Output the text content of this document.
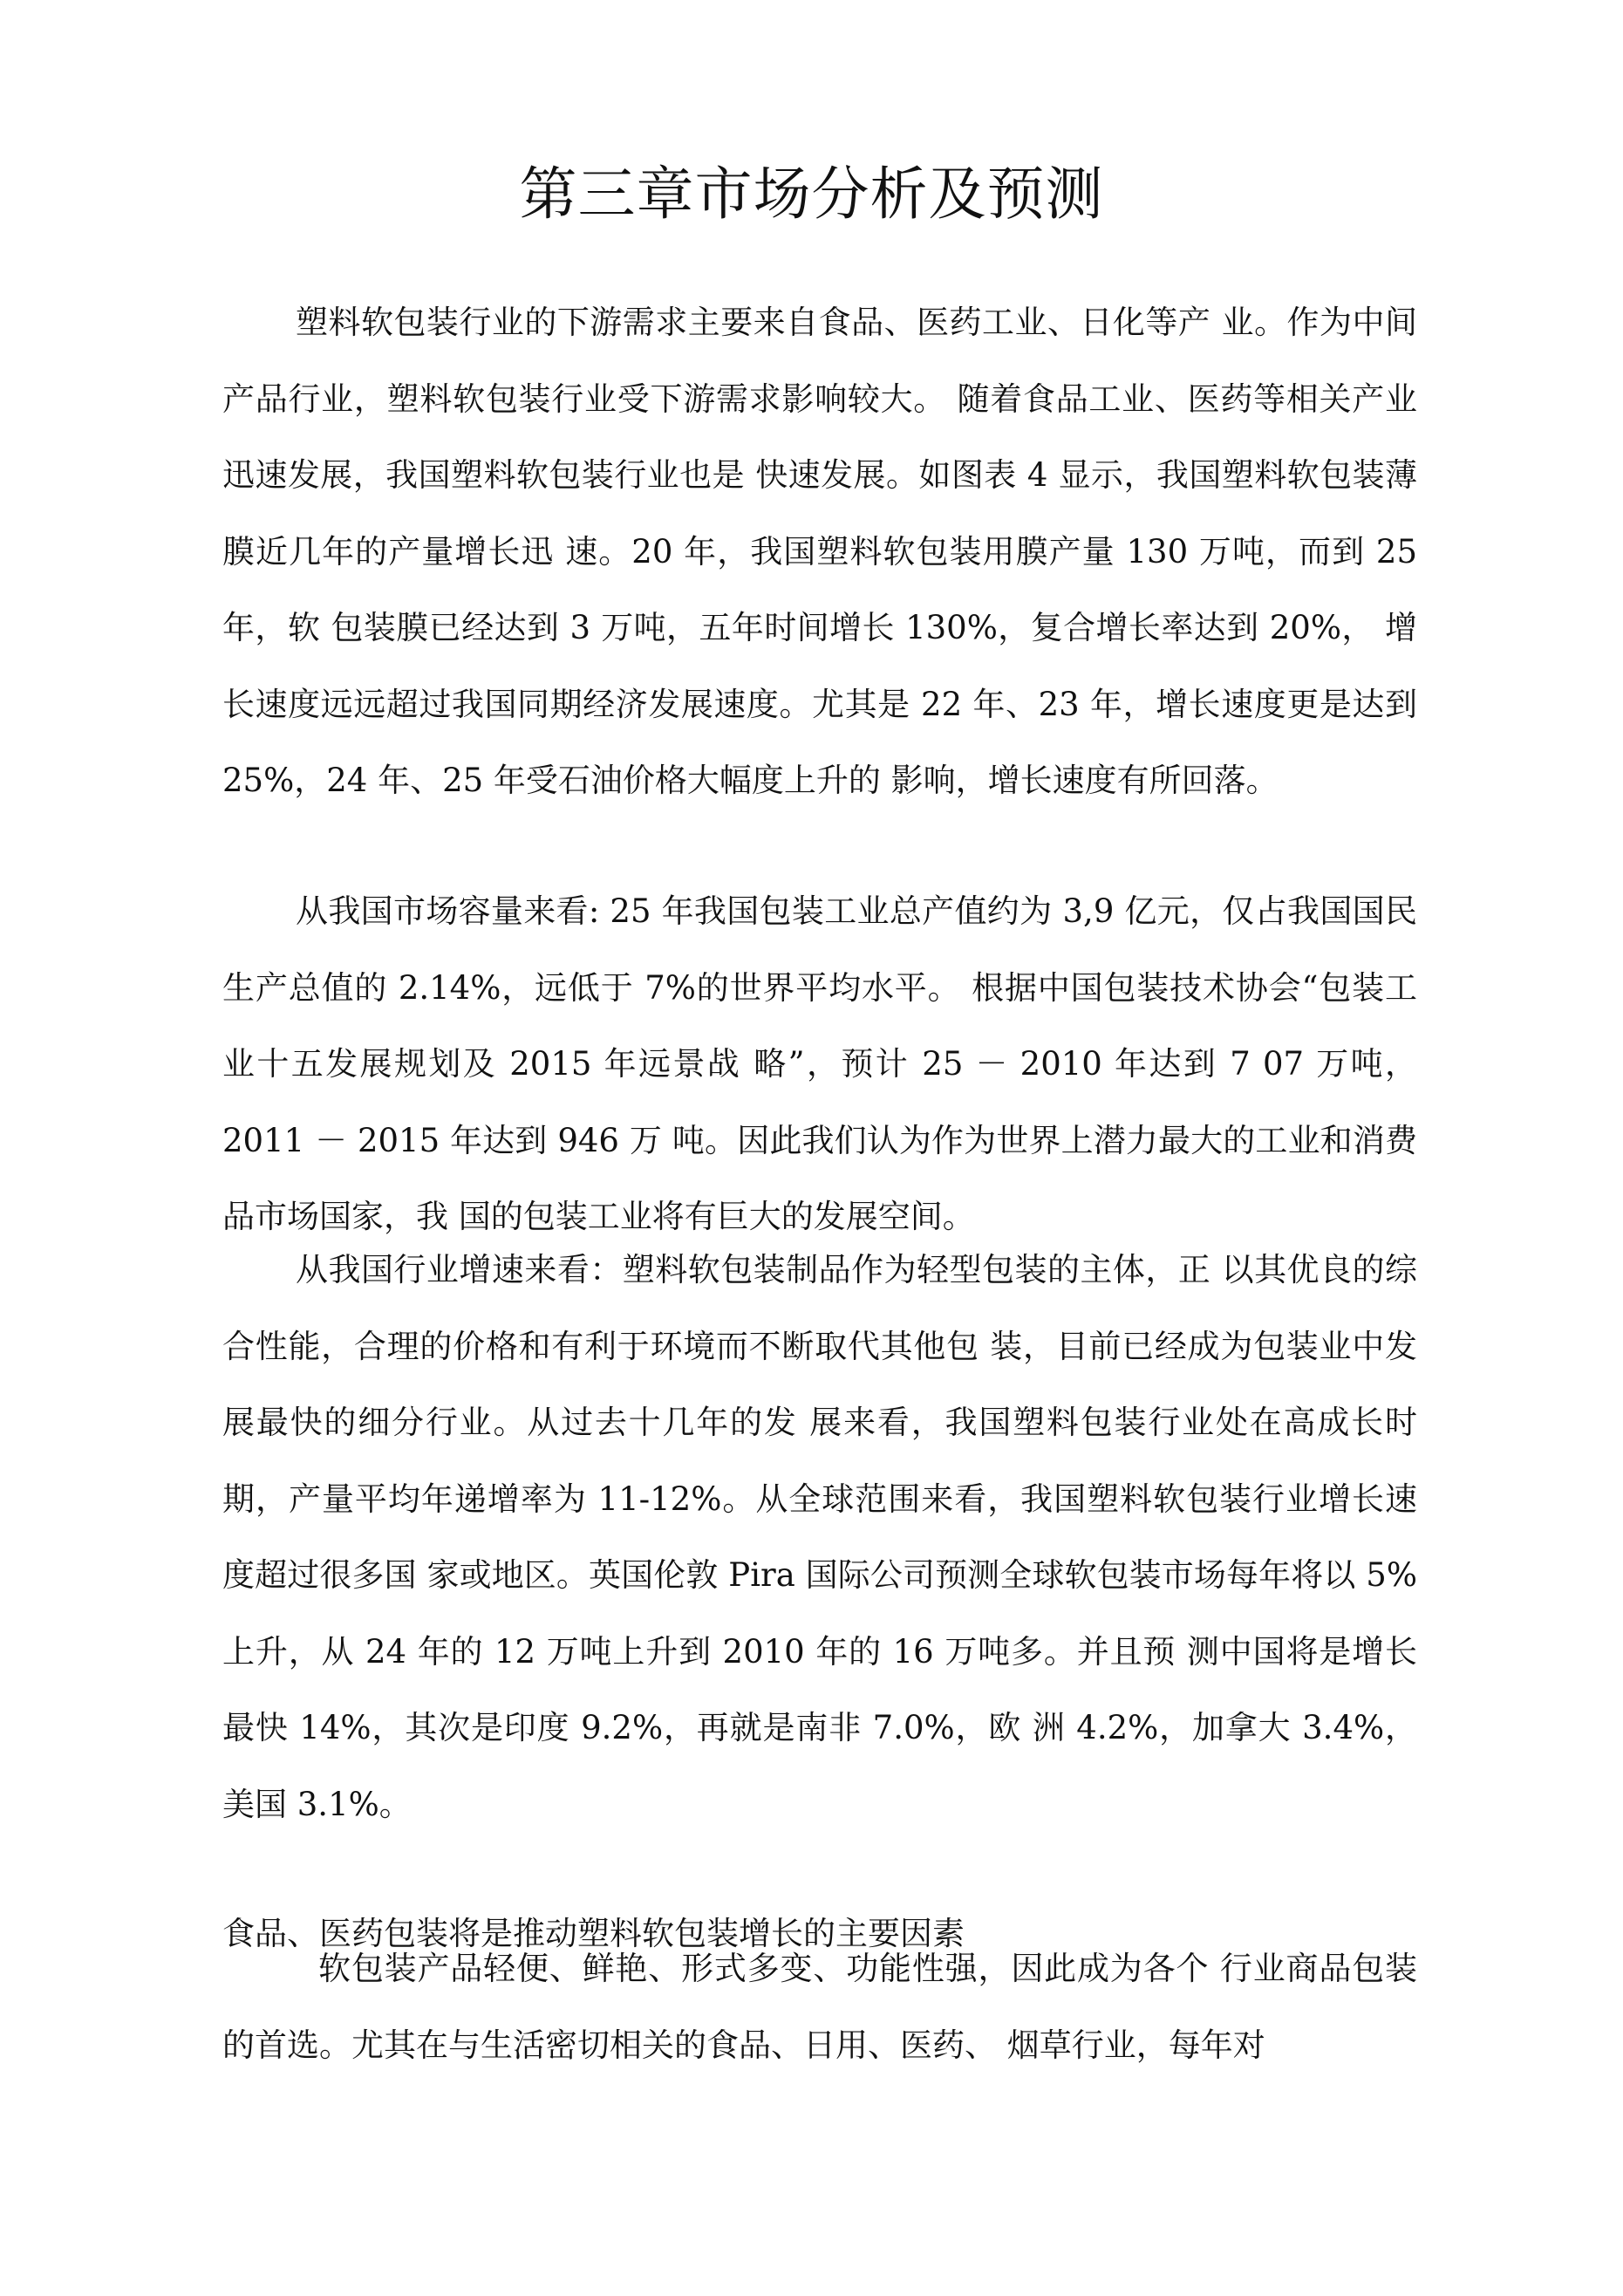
第三章市场分析及预测

塑料软包装行业的下游需求主要来自食品、医药工业、日化等产 业。作为中间产品行业，塑料软包装行业受下游需求影响较大。 随着食品工业、医药等相关产业迅速发展，我国塑料软包装行业也是 快速发展。如图表 4 显示，我国塑料软包装薄膜近几年的产量增长迅 速。20 年，我国塑料软包装用膜产量 130 万吨，而到 25 年，软 包装膜已经达到 3 万吨，五年时间增长 130%，复合增长率达到 20%， 增长速度远远超过我国同期经济发展速度。尤其是 22 年、23 年，增长速度更是达到 25%，24 年、25 年受石油价格大幅度上升的 影响，增长速度有所回落。

从我国市场容量来看: 25 年我国包装工业总产值约为 3,9 亿元，仅占我国国民生产总值的 2.14%，远低于 7%的世界平均水平。 根据中国包装技术协会“包装工业十五发展规划及 2015 年远景战 略”，预计 25 － 2010 年达到 7 07 万吨，2011 － 2015 年达到 946 万 吨。因此我们认为作为世界上潜力最大的工业和消费品市场国家，我 国的包装工业将有巨大的发展空间。

从我国行业增速来看：塑料软包装制品作为轻型包装的主体，正 以其优良的综合性能，合理的价格和有利于环境而不断取代其他包 装，目前已经成为包装业中发展最快的细分行业。从过去十几年的发 展来看，我国塑料包装行业处在高成长时期，产量平均年递增率为 11-12%。从全球范围来看，我国塑料软包装行业增长速度超过很多国 家或地区。英国伦敦 Pira 国际公司预测全球软包装市场每年将以 5% 上升，从 24 年的 12 万吨上升到 2010 年的 16 万吨多。并且预 测中国将是增长最快 14%，其次是印度 9.2%，再就是南非 7.0%，欧 洲 4.2%，加拿大 3.4%，美国 3.1%。

食品、医药包装将是推动塑料软包装增长的主要因素

软包装产品轻便、鲜艳、形式多变、功能性强，因此成为各个 行业商品包装的首选。尤其在与生活密切相关的食品、日用、医药、 烟草行业，每年对
